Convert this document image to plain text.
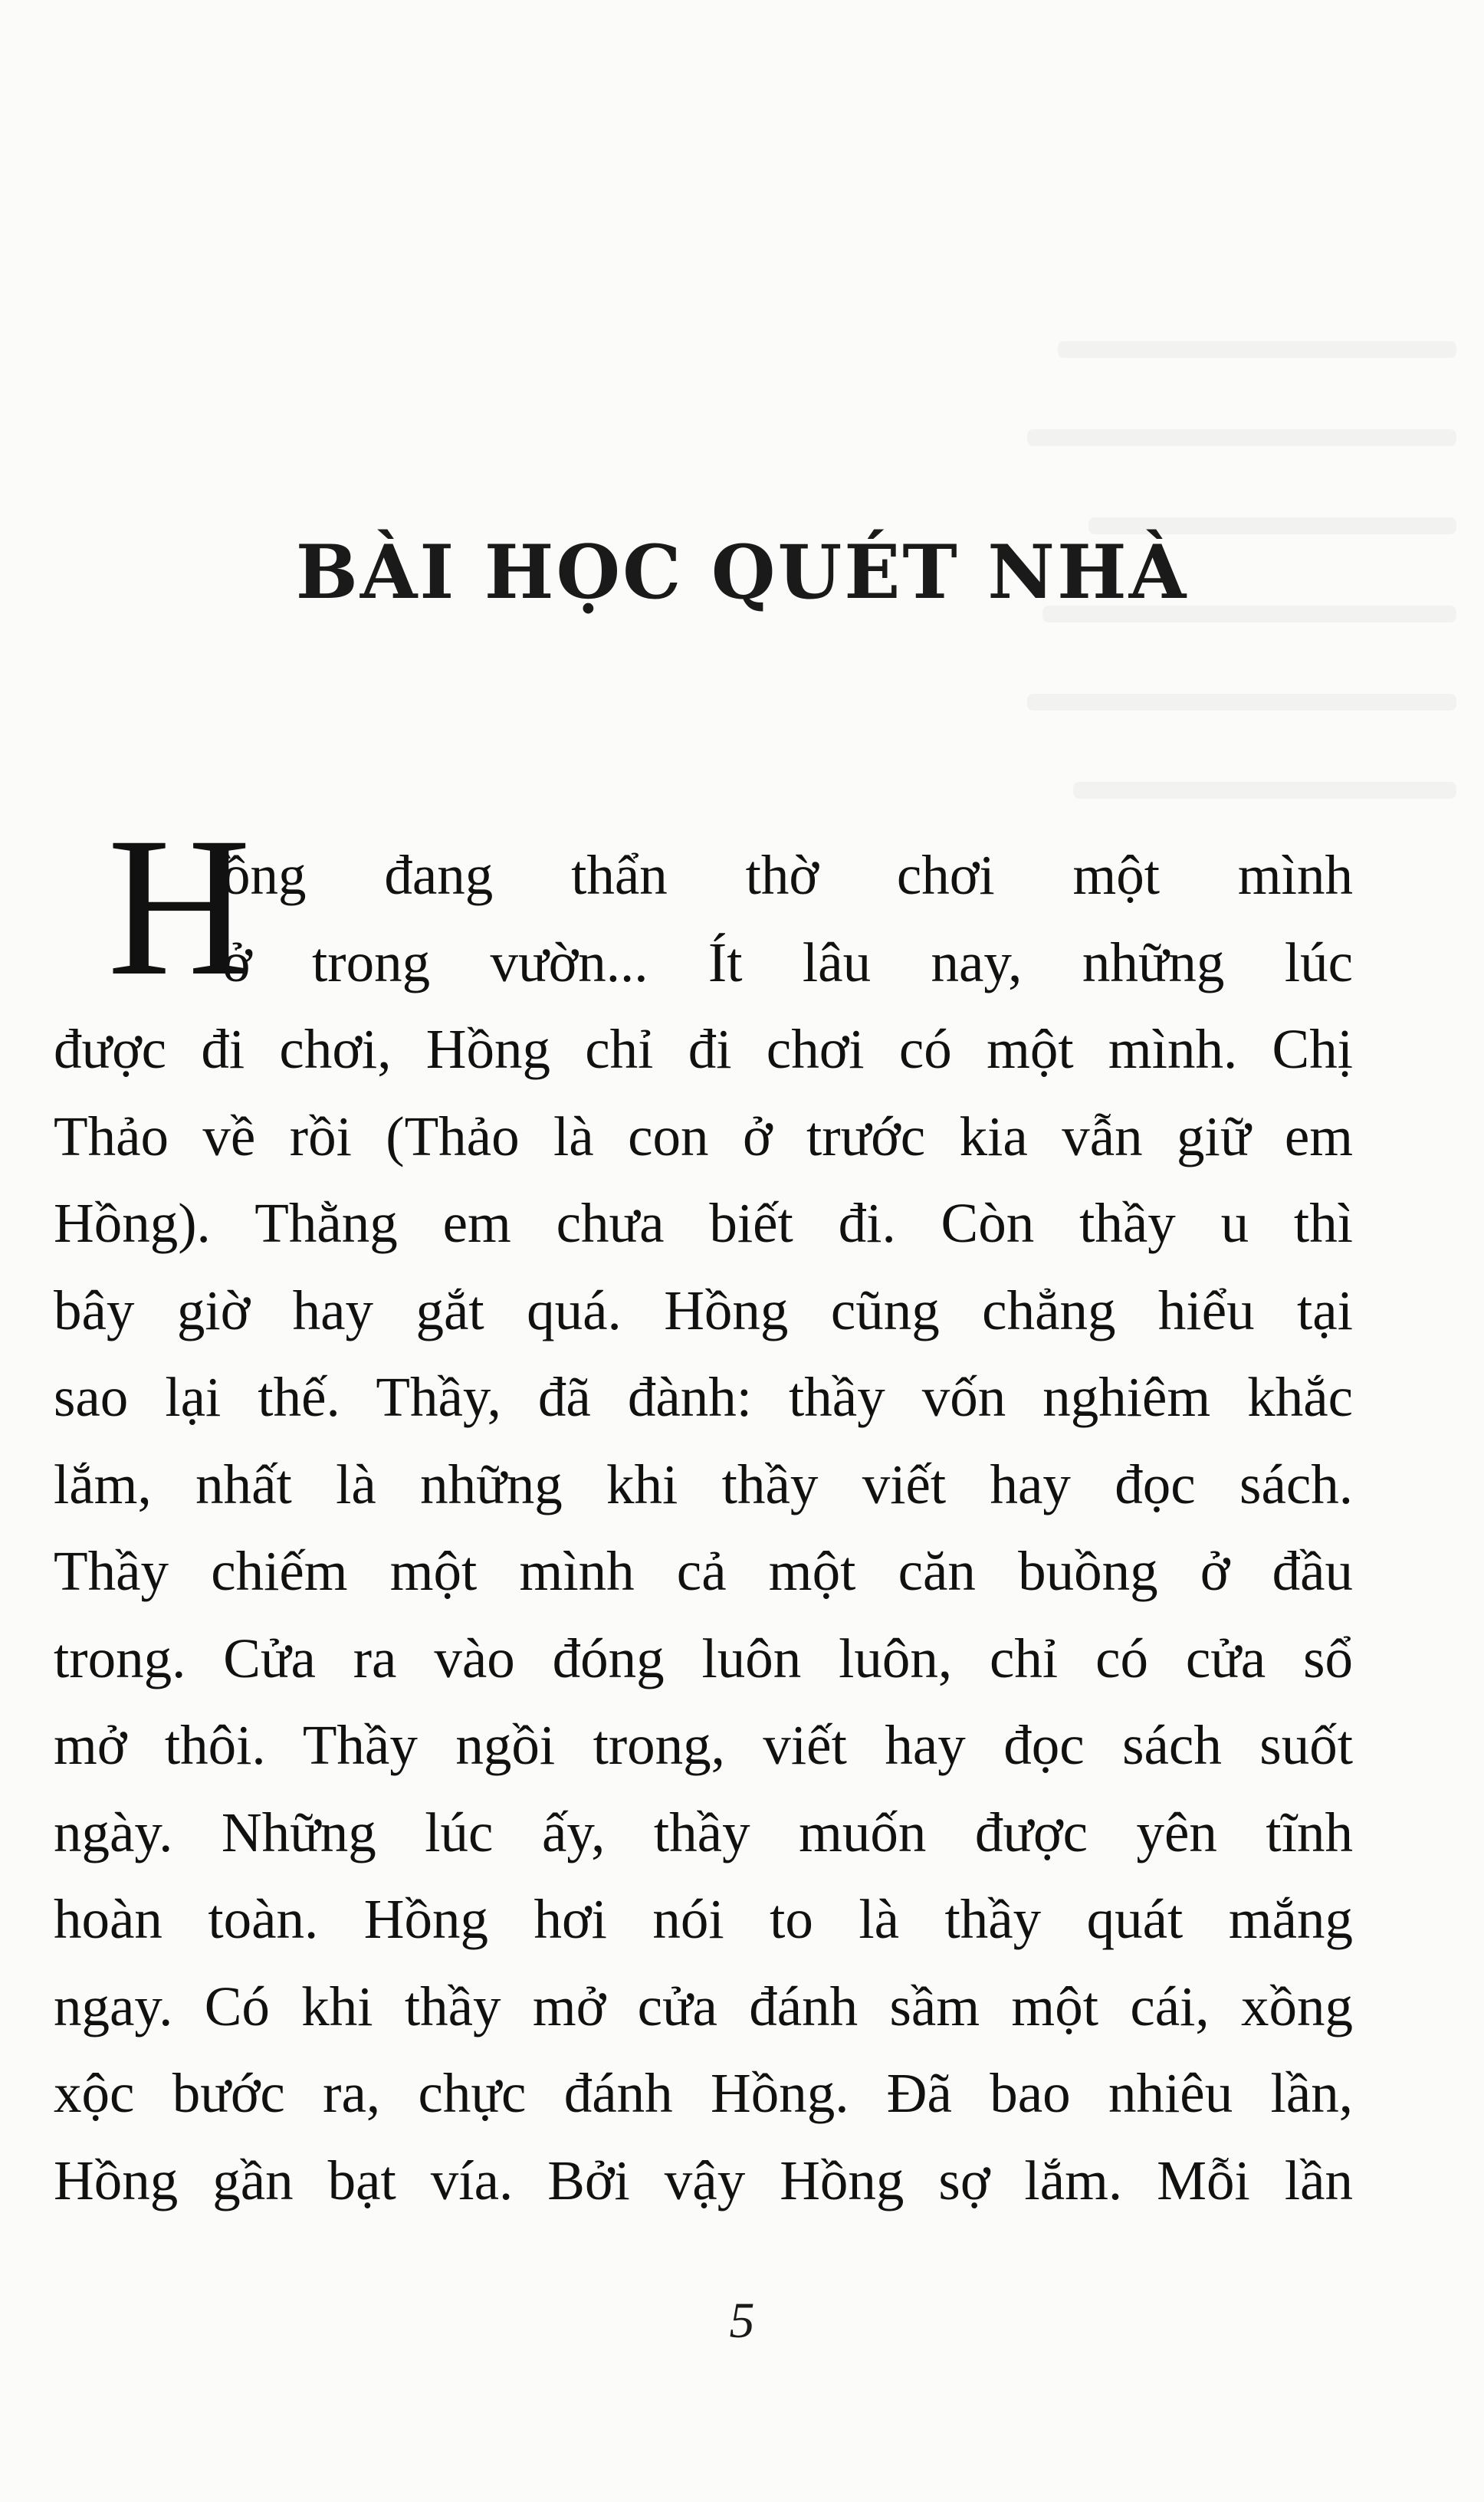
BÀI HỌC QUÉT NHÀ
H
ồng đang thẩn thờ chơi một mình
ở trong vườn... Ít lâu nay, những lúc
được đi chơi, Hồng chỉ đi chơi có một mình. Chị
Thảo về rồi (Thảo là con ở trước kia vẫn giữ em
Hồng). Thằng em chưa biết đi. Còn thầy u thì
bây giờ hay gắt quá. Hồng cũng chẳng hiểu tại
sao lại thế. Thầy, đã đành: thầy vốn nghiêm khắc
lắm, nhất là những khi thầy viết hay đọc sách.
Thầy chiếm một mình cả một căn buồng ở đầu
trong. Cửa ra vào đóng luôn luôn, chỉ có cửa sổ
mở thôi. Thầy ngồi trong, viết hay đọc sách suốt
ngày. Những lúc ấy, thầy muốn được yên tĩnh
hoàn toàn. Hồng hơi nói to là thầy quát mắng
ngay. Có khi thầy mở cửa đánh sầm một cái, xồng
xộc bước ra, chực đánh Hồng. Đã bao nhiêu lần,
Hồng gần bạt vía. Bởi vậy Hồng sợ lắm. Mỗi lần
5
